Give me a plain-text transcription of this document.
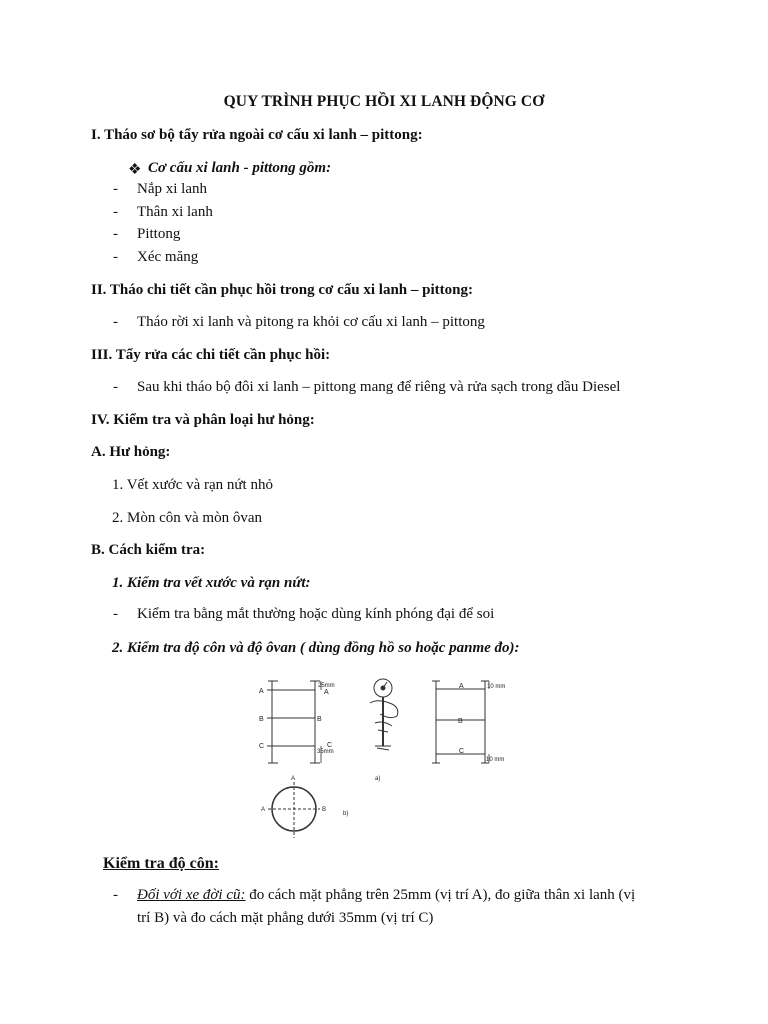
QUY TRÌNH PHỤC HỒI XI LANH ĐỘNG CƠ
I. Tháo sơ bộ tẩy rửa ngoài cơ cấu xi lanh – pittong:
❖ Cơ cấu xi lanh - pittong gồm:
- Nắp xi lanh
- Thân xi lanh
- Pittong
- Xéc măng
II. Tháo chi tiết cần phục hồi trong cơ cấu xi lanh – pittong:
- Tháo rời xi lanh và pitong ra khỏi cơ cấu xi lanh – pittong
III. Tẩy rửa các chi tiết cần phục hồi:
- Sau khi tháo bộ đôi xi lanh – pittong mang để riêng và rửa sạch trong dầu Diesel
IV. Kiểm tra và phân loại hư hỏng:
A. Hư hỏng:
1. Vết xước và rạn nứt nhỏ
2. Mòn côn và mòn ôvan
B. Cách kiểm tra:
1. Kiểm tra vết xước và rạn nứt:
- Kiểm tra bằng mắt thường hoặc dùng kính phóng đại để soi
2. Kiểm tra độ côn và độ ôvan ( dùng đồng hồ so hoặc panme đo):
A
B
C
A
B
C
25mm
35mm
a)
A
B
C
10 mm
10 mm
A
A	B
b)
Kiểm tra độ côn:
- Đối với xe đời cũ: đo cách mặt phẳng trên 25mm (vị trí A), đo giữa thân xi lanh (vị
trí B) và đo cách mặt phẳng dưới 35mm (vị trí C)
